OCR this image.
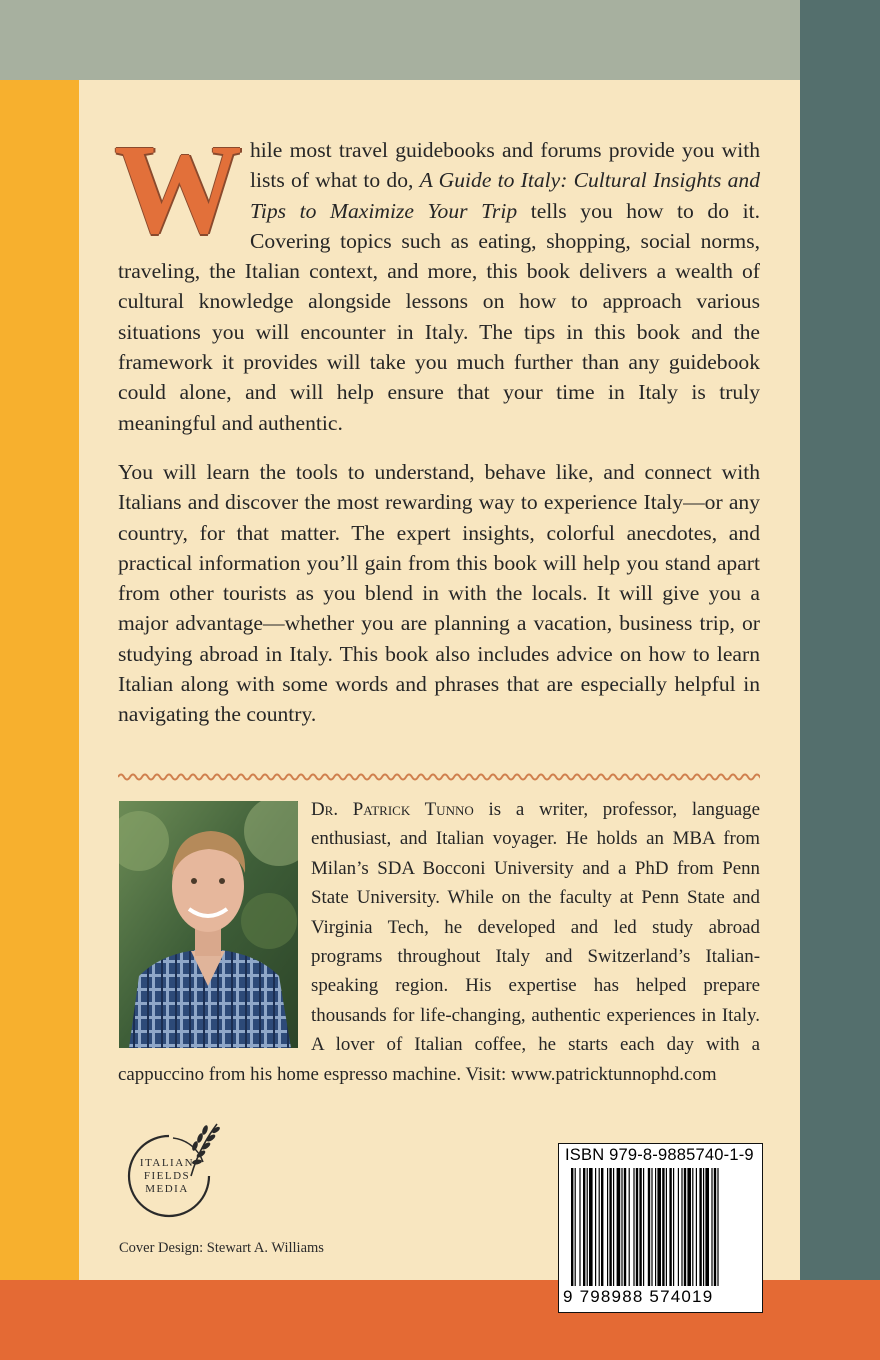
While most travel guidebooks and forums provide you with lists of what to do, A Guide to Italy: Cultural Insights and Tips to Maximize Your Trip tells you how to do it. Covering topics such as eating, shopping, social norms, traveling, the Italian context, and more, this book delivers a wealth of cultural knowledge alongside lessons on how to approach various situations you will encounter in Italy. The tips in this book and the framework it provides will take you much further than any guidebook could alone, and will help ensure that your time in Italy is truly meaningful and authentic.
You will learn the tools to understand, behave like, and connect with Italians and discover the most rewarding way to experience Italy—or any country, for that matter. The expert insights, colorful anecdotes, and practical information you’ll gain from this book will help you stand apart from other tourists as you blend in with the locals. It will give you a major advantage—whether you are planning a vacation, business trip, or studying abroad in Italy. This book also includes advice on how to learn Italian along with some words and phrases that are especially helpful in navigating the country.
Dr. Patrick Tunno is a writer, professor, language enthusiast, and Italian voyager. He holds an MBA from Milan’s SDA Bocconi University and a PhD from Penn State University. While on the faculty at Penn State and Virginia Tech, he developed and led study abroad programs throughout Italy and Switzerland’s Italian-speaking region. His expertise has helped prepare thousands for life-changing, authentic experiences in Italy. A lover of Italian coffee, he starts each day with a cappuccino from his home espresso machine. Visit: www.patricktunnophd.com
ITALIAN
FIELDS
MEDIA
Cover Design: Stewart A. Williams
ISBN 979-8-9885740-1-9
9 798988 574019
